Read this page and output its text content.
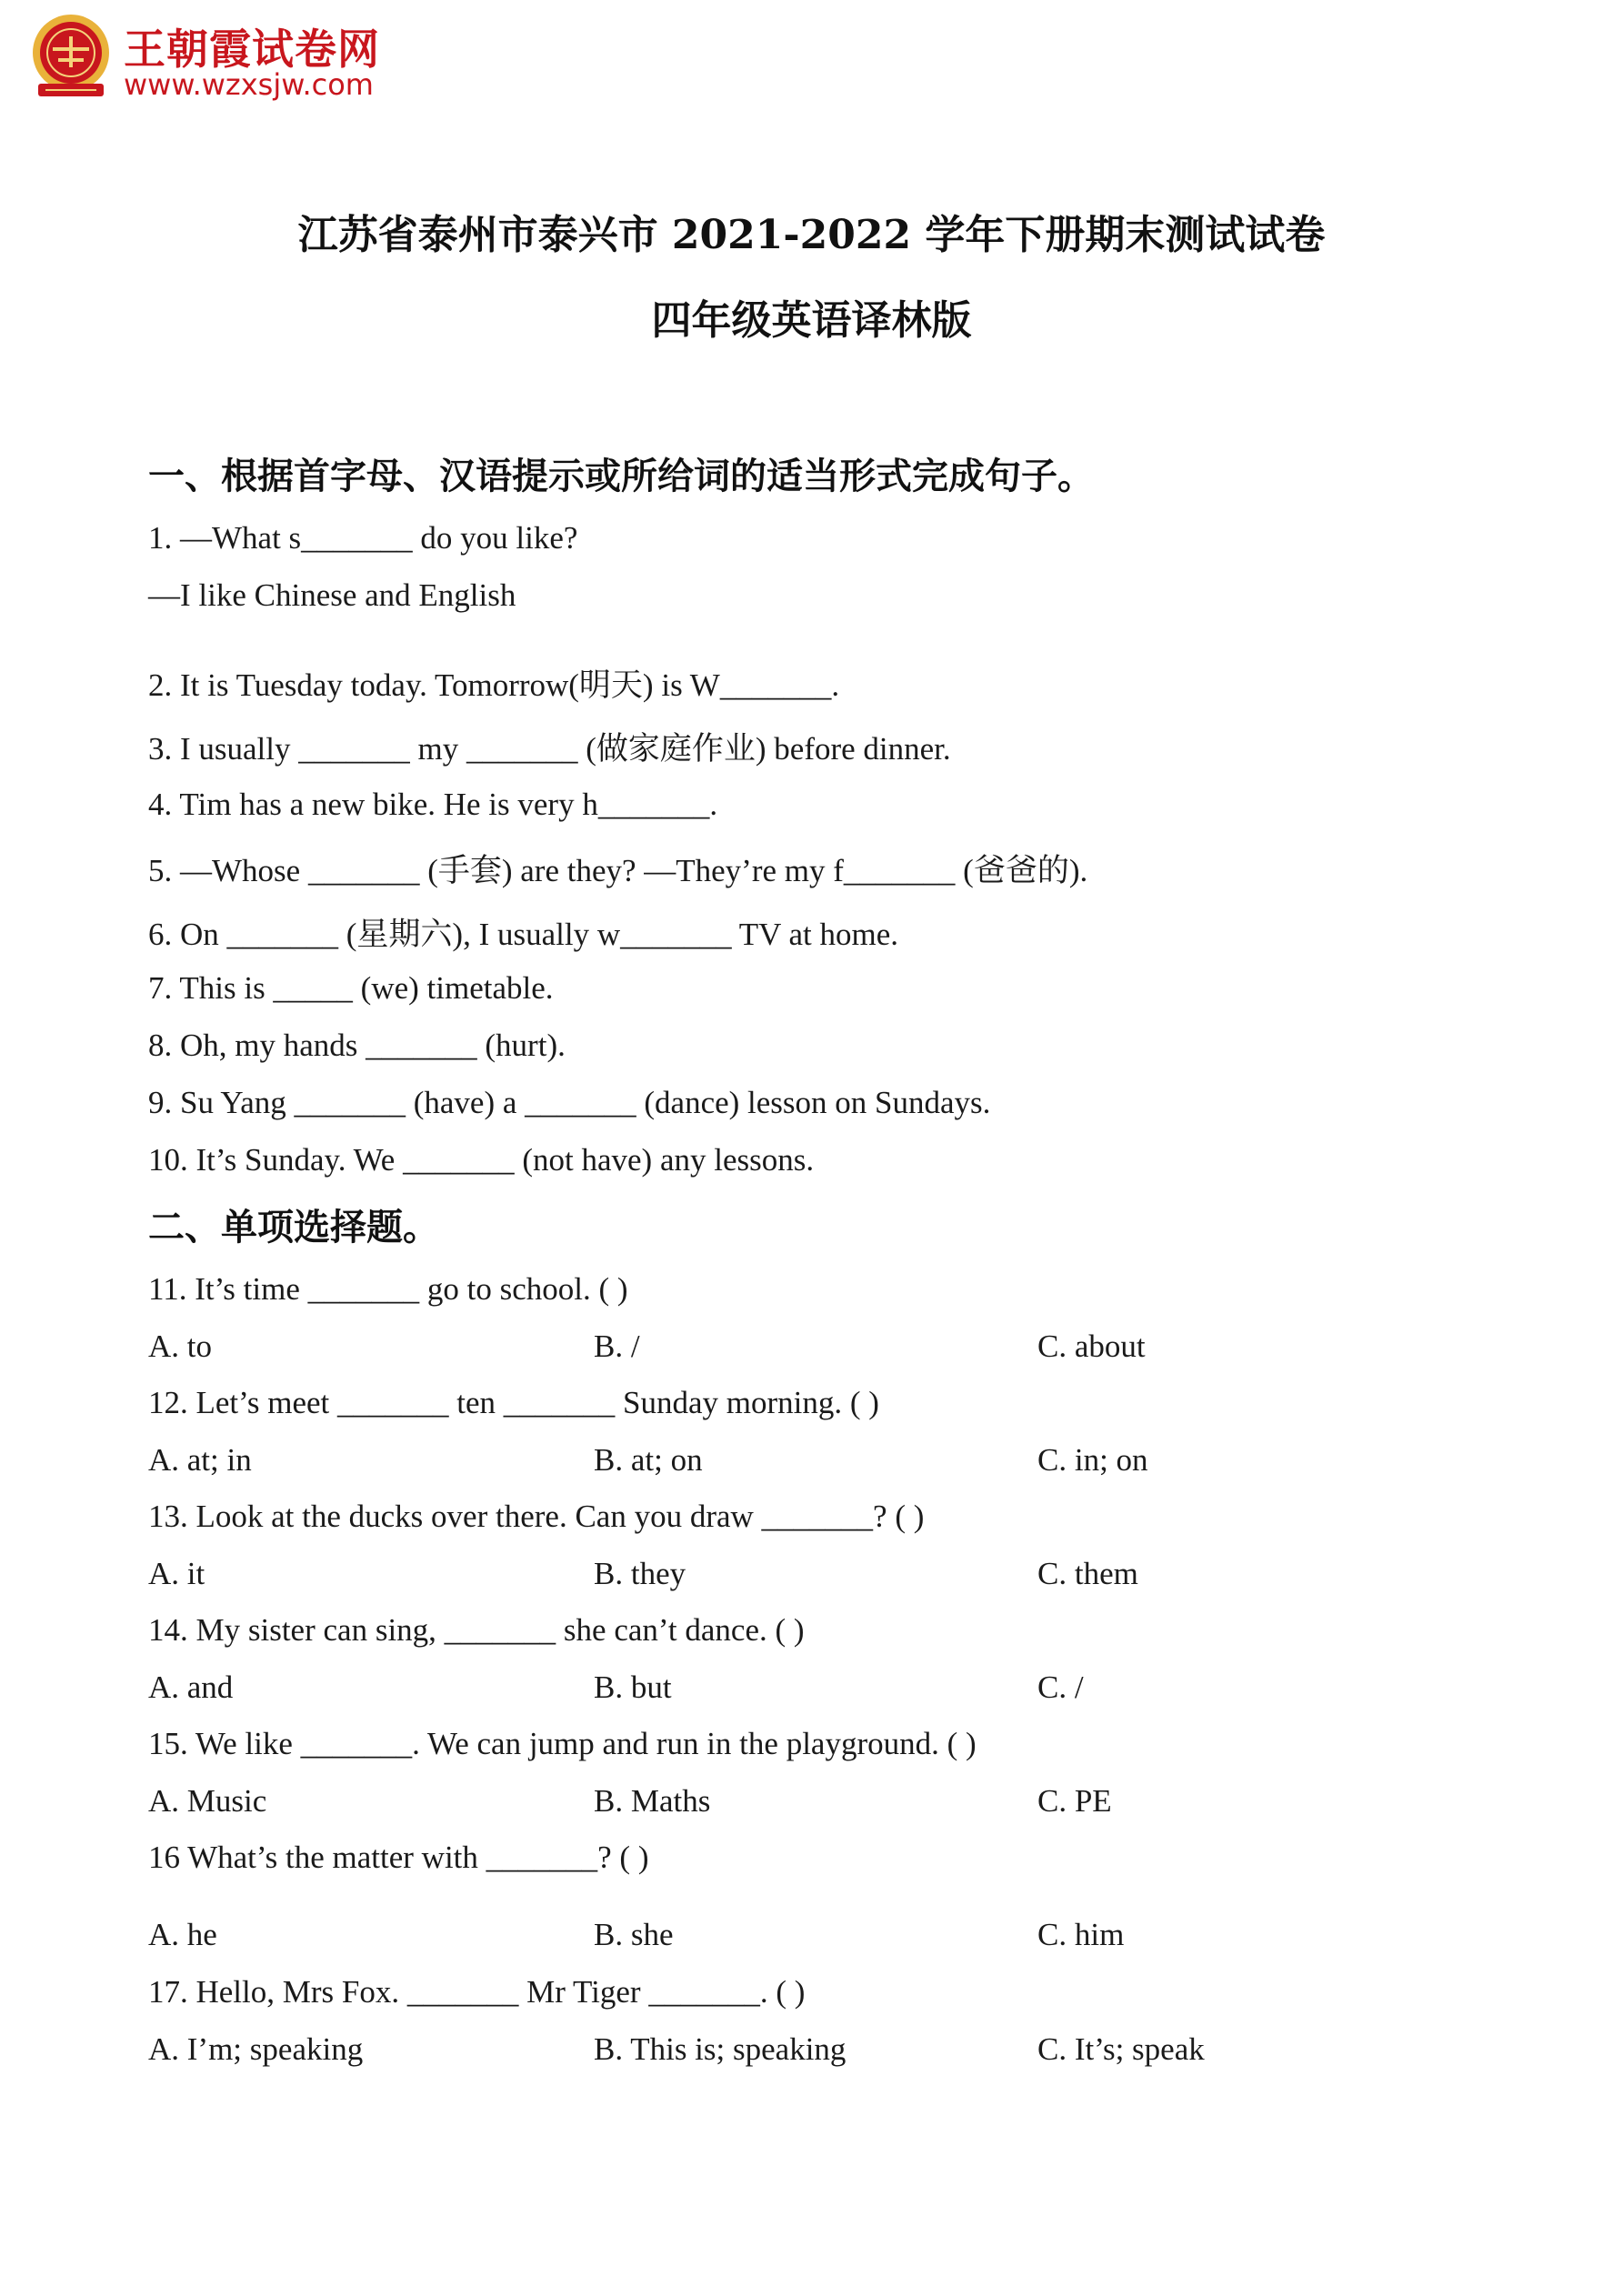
王朝霞试卷网
www.wzxsjw.com
江苏省泰州市泰兴市 2021-2022 学年下册期末测试试卷
四年级英语译林版
一、根据首字母、汉语提示或所给词的适当形式完成句子。
1. —What s_______ do you like?
—I like Chinese and English
2. It is Tuesday today. Tomorrow(明天) is W_______.
3. I usually _______ my _______ (做家庭作业) before dinner.
4. Tim has a new bike. He is very h_______.
5. —Whose _______ (手套) are they? —They’re my f_______ (爸爸的).
6. On _______ (星期六), I usually w_______ TV at home.
7. This is _____ (we) timetable.
8. Oh, my hands _______ (hurt).
9. Su Yang _______ (have) a _______ (dance) lesson on Sundays.
10. It’s Sunday. We _______ (not have) any lessons.
二、单项选择题。
11. It’s time _______ go to school. ( )
A. to	B. /	C. about
12. Let’s meet _______ ten _______ Sunday morning. ( )
A. at; in	B. at; on	C. in; on
13. Look at the ducks over there. Can you draw _______? ( )
A. it	B. they	C. them
14. My sister can sing, _______ she can’t dance. ( )
A. and	B. but	C. /
15. We like _______. We can jump and run in the playground. ( )
A. Music	B. Maths	C. PE
16 What’s the matter with _______? ( )
A. he	B. she	C. him
17. Hello, Mrs Fox. _______ Mr Tiger _______. ( )
A. I’m; speaking	B. This is; speaking	C. It’s; speak
